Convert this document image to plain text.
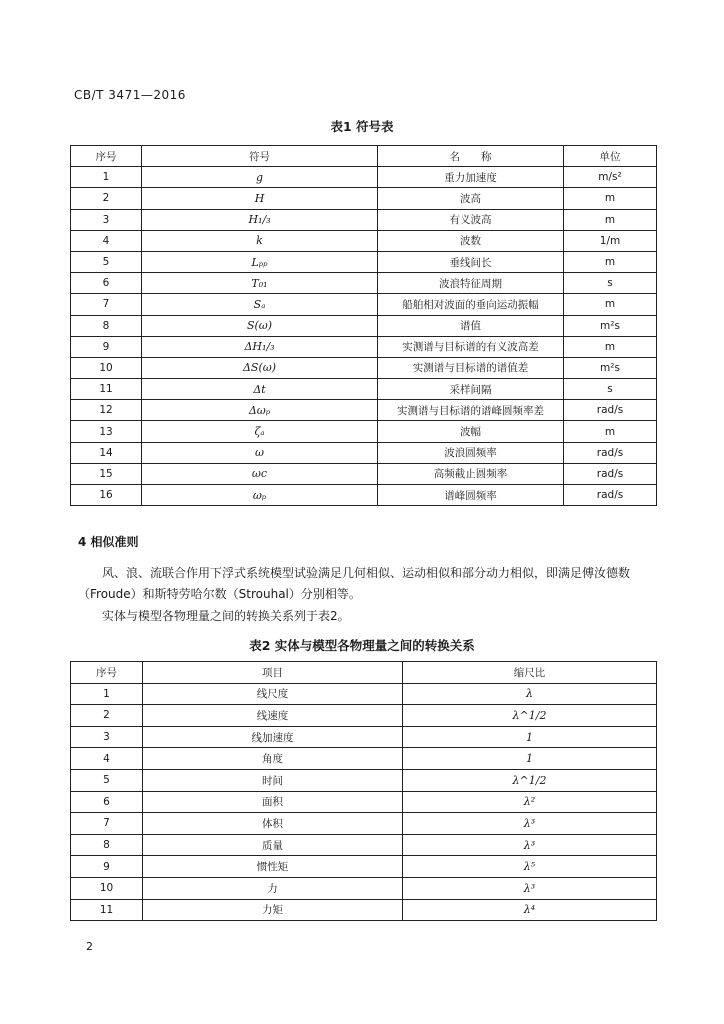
CB/T 3471—2016
表1 符号表
序号	符号	名　　称	单位
1	g	重力加速度	m/s²
2	H	波高	m
3	H₁/₃	有义波高	m
4	k	波数	1/m
5	Lₚₚ	垂线间长	m
6	T₀₁	波浪特征周期	s
7	Sₐ	船舶相对波面的垂向运动振幅	m
8	S(ω)	谱值	m²s
9	ΔH₁/₃	实测谱与目标谱的有义波高差	m
10	ΔS(ω)	实测谱与目标谱的谱值差	m²s
11	Δt	采样间隔	s
12	Δωₚ	实测谱与目标谱的谱峰圆频率差	rad/s
13	ζₐ	波幅	m
14	ω	波浪圆频率	rad/s
15	ωc	高频截止圆频率	rad/s
16	ωₚ	谱峰圆频率	rad/s
4 相似准则
风、浪、流联合作用下浮式系统模型试验满足几何相似、运动相似和部分动力相似，即满足傅汝德数（Froude）和斯特劳哈尔数（Strouhal）分别相等。
实体与模型各物理量之间的转换关系列于表2。
表2 实体与模型各物理量之间的转换关系
序号	项目	缩尺比
1	线尺度	λ
2	线速度	λ^1/2
3	线加速度	1
4	角度	1
5	时间	λ^1/2
6	面积	λ²
7	体积	λ³
8	质量	λ³
9	惯性矩	λ⁵
10	力	λ³
11	力矩	λ⁴
2
